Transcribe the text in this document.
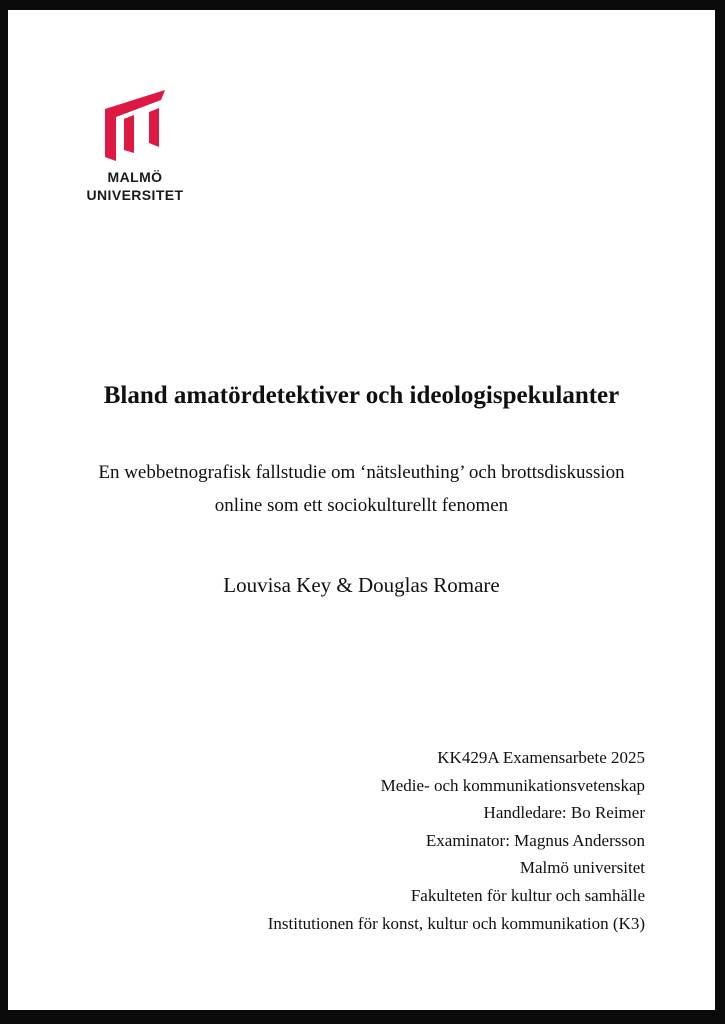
MALMÖ
UNIVERSITET
Bland amatördetektiver och ideologispekulanter
En webbetnografisk fallstudie om ‘nätsleuthing’ och brottsdiskussion
online som ett sociokulturellt fenomen
Louvisa Key & Douglas Romare
KK429A Examensarbete 2025
Medie- och kommunikationsvetenskap
Handledare: Bo Reimer
Examinator: Magnus Andersson
Malmö universitet
Fakulteten för kultur och samhälle
Institutionen för konst, kultur och kommunikation (K3)
